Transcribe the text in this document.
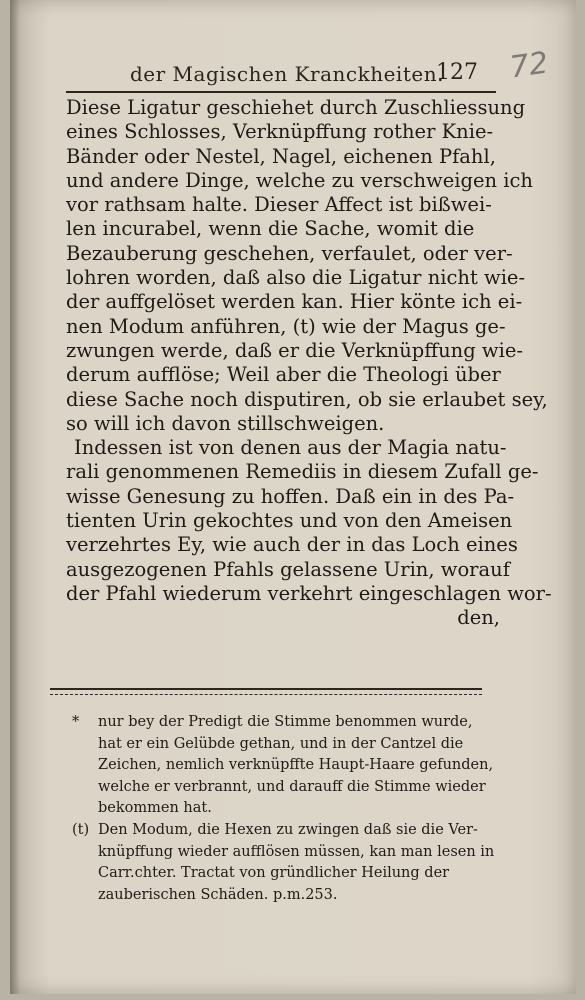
der Magischen Kranckheiten.
127 72
Diese Ligatur geschiehet durch Zuschliessung
eines Schlosses, Verknüpffung rother Knie-
Bänder oder Nestel, Nagel, eichenen Pfahl,
und andere Dinge, welche zu verschweigen ich
vor rathsam halte. Dieser Affect ist bißwei-
len incurabel, wenn die Sache, womit die
Bezauberung geschehen, verfaulet, oder ver-
lohren worden, daß also die Ligatur nicht wie-
der auffgelöset werden kan. Hier könte ich ei-
nen Modum anführen, (t) wie der Magus ge-
zwungen werde, daß er die Verknüpffung wie-
derum aufflöse; Weil aber die Theologi über
diese Sache noch disputiren, ob sie erlaubet sey,
so will ich davon stillschweigen.
Indessen ist von denen aus der Magia natu-
rali genommenen Remediis in diesem Zufall ge-
wisse Genesung zu hoffen. Daß ein in des Pa-
tienten Urin gekochtes und von den Ameisen
verzehrtes Ey, wie auch der in das Loch eines
ausgezogenen Pfahls gelassene Urin, worauf
der Pfahl wiederum verkehrt eingeschlagen wor-
den,
* nur bey der Predigt die Stimme benommen wurde,
hat er ein Gelübde gethan, und in der Cantzel die
Zeichen, nemlich verknüpffte Haupt-Haare gefunden,
welche er verbrannt, und darauff die Stimme wieder
bekommen hat.
(t) Den Modum, die Hexen zu zwingen daß sie die Ver-
knüpffung wieder aufflösen müssen, kan man lesen in
Carr.chter. Tractat von gründlicher Heilung der
zauberischen Schäden. p.m.253.
